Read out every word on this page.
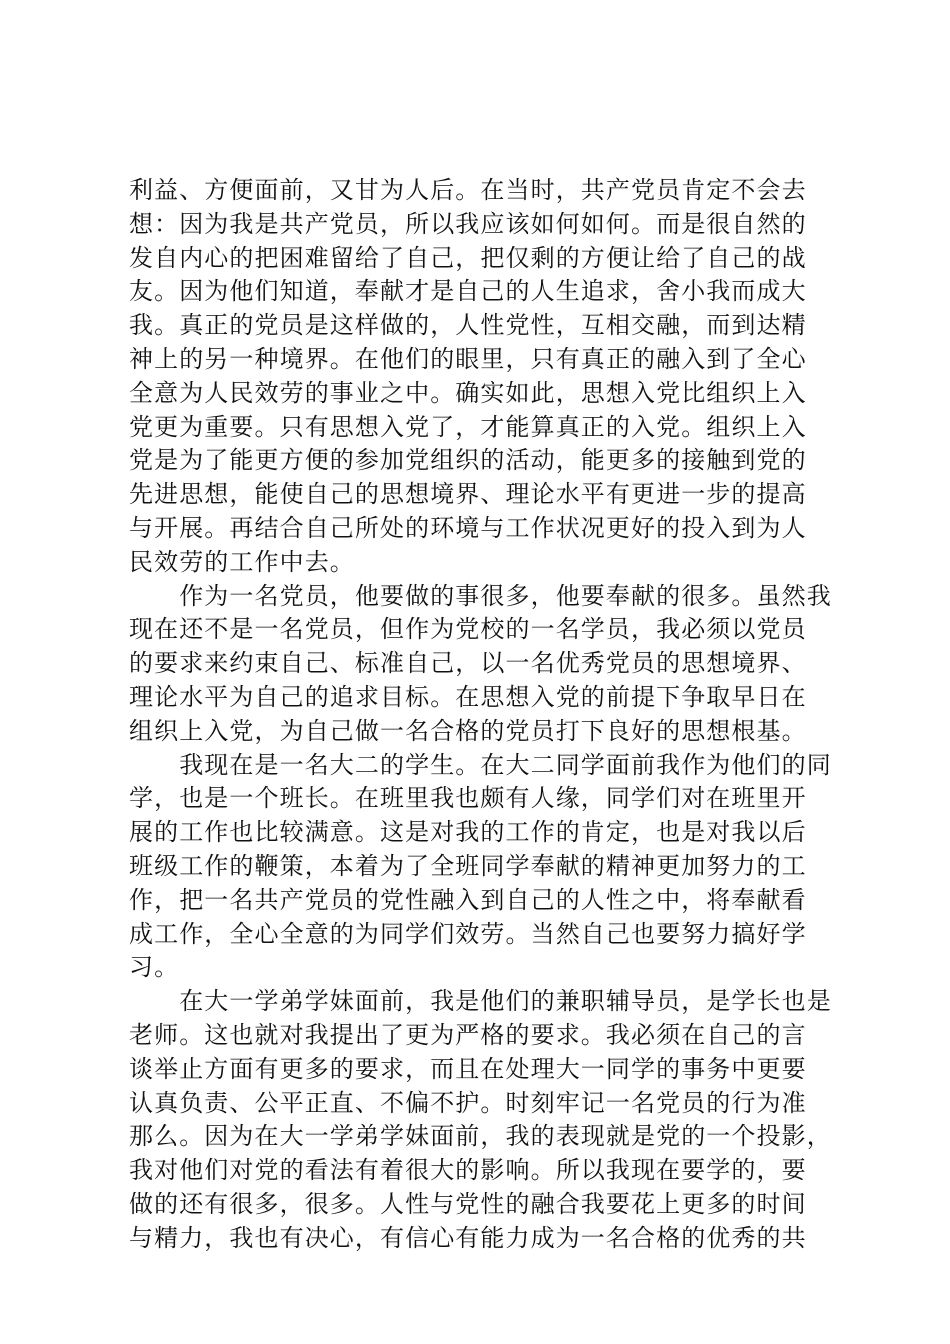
利益、方便面前，又甘为人后。在当时，共产党员肯定不会去
想：因为我是共产党员，所以我应该如何如何。而是很自然的
发自内心的把困难留给了自己，把仅剩的方便让给了自己的战
友。因为他们知道，奉献才是自己的人生追求，舍小我而成大
我。真正的党员是这样做的，人性党性，互相交融，而到达精
神上的另一种境界。在他们的眼里，只有真正的融入到了全心
全意为人民效劳的事业之中。确实如此，思想入党比组织上入
党更为重要。只有思想入党了，才能算真正的入党。组织上入
党是为了能更方便的参加党组织的活动，能更多的接触到党的
先进思想，能使自己的思想境界、理论水平有更进一步的提高
与开展。再结合自己所处的环境与工作状况更好的投入到为人
民效劳的工作中去。
　　作为一名党员，他要做的事很多，他要奉献的很多。虽然我
现在还不是一名党员，但作为党校的一名学员，我必须以党员
的要求来约束自己、标准自己，以一名优秀党员的思想境界、
理论水平为自己的追求目标。在思想入党的前提下争取早日在
组织上入党，为自己做一名合格的党员打下良好的思想根基。
　　我现在是一名大二的学生。在大二同学面前我作为他们的同
学，也是一个班长。在班里我也颇有人缘，同学们对在班里开
展的工作也比较满意。这是对我的工作的肯定，也是对我以后
班级工作的鞭策，本着为了全班同学奉献的精神更加努力的工
作，把一名共产党员的党性融入到自己的人性之中，将奉献看
成工作，全心全意的为同学们效劳。当然自己也要努力搞好学
习。
　　在大一学弟学妹面前，我是他们的兼职辅导员，是学长也是
老师。这也就对我提出了更为严格的要求。我必须在自己的言
谈举止方面有更多的要求，而且在处理大一同学的事务中更要
认真负责、公平正直、不偏不护。时刻牢记一名党员的行为准
那么。因为在大一学弟学妹面前，我的表现就是党的一个投影，
我对他们对党的看法有着很大的影响。所以我现在要学的，要
做的还有很多，很多。人性与党性的融合我要花上更多的时间
与精力，我也有决心，有信心有能力成为一名合格的优秀的共
